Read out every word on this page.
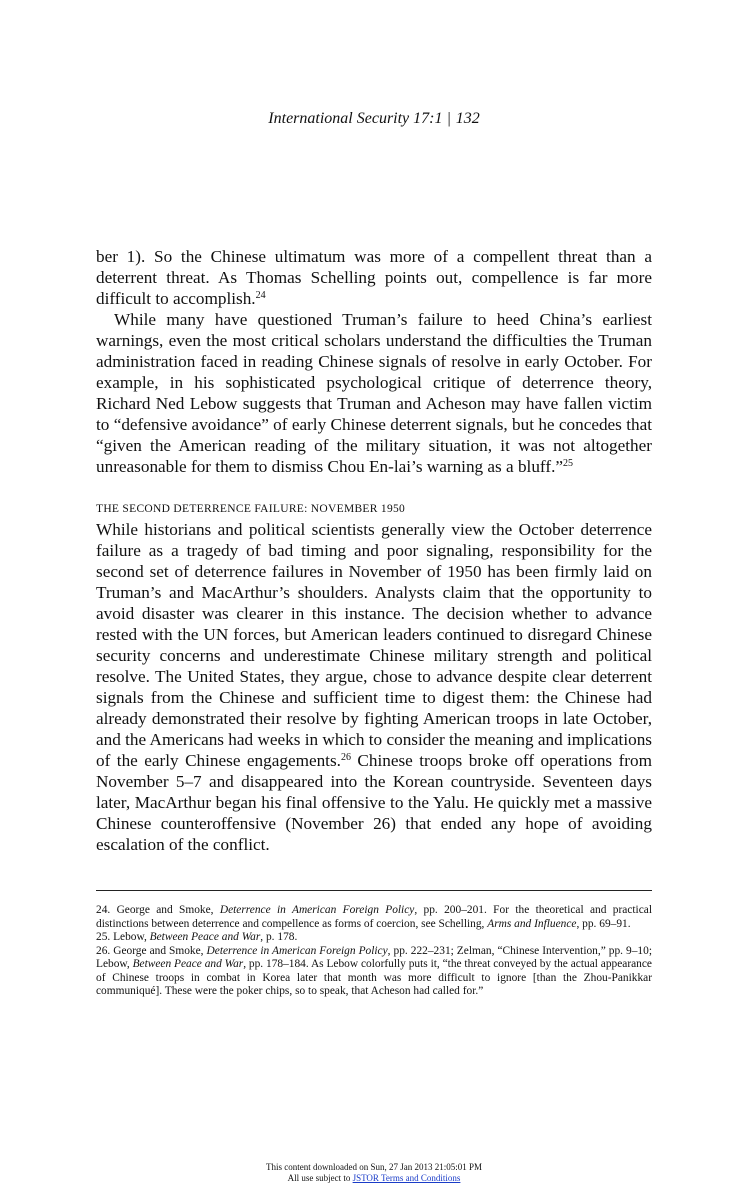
International Security 17:1 | 132

ber 1). So the Chinese ultimatum was more of a compellent threat than a deterrent threat. As Thomas Schelling points out, compellence is far more difficult to accomplish.$^{24}$

While many have questioned Truman’s failure to heed China’s earliest warnings, even the most critical scholars understand the difficulties the Truman administration faced in reading Chinese signals of resolve in early October. For example, in his sophisticated psychological critique of deterrence theory, Richard Ned Lebow suggests that Truman and Acheson may have fallen victim to “defensive avoidance” of early Chinese deterrent signals, but he concedes that “given the American reading of the military situation, it was not altogether unreasonable for them to dismiss Chou En-lai’s warning as a bluff.”$^{25}$

THE SECOND DETERRENCE FAILURE: NOVEMBER 1950

While historians and political scientists generally view the October deterrence failure as a tragedy of bad timing and poor signaling, responsibility for the second set of deterrence failures in November of 1950 has been firmly laid on Truman’s and MacArthur’s shoulders. Analysts claim that the opportunity to avoid disaster was clearer in this instance. The decision whether to advance rested with the UN forces, but American leaders continued to disregard Chinese security concerns and underestimate Chinese military strength and political resolve. The United States, they argue, chose to advance despite clear deterrent signals from the Chinese and sufficient time to digest them: the Chinese had already demonstrated their resolve by fighting American troops in late October, and the Americans had weeks in which to consider the meaning and implications of the early Chinese engagements.$^{26}$ Chinese troops broke off operations from November 5–7 and disappeared into the Korean countryside. Seventeen days later, MacArthur began his final offensive to the Yalu. He quickly met a massive Chinese counteroffensive (November 26) that ended any hope of avoiding escalation of the conflict.

24. George and Smoke, Deterrence in American Foreign Policy, pp. 200–201. For the theoretical and practical distinctions between deterrence and compellence as forms of coercion, see Schelling, Arms and Influence, pp. 69–91.

25. Lebow, Between Peace and War, p. 178.

26. George and Smoke, Deterrence in American Foreign Policy, pp. 222–231; Zelman, “Chinese Intervention,” pp. 9–10; Lebow, Between Peace and War, pp. 178–184. As Lebow colorfully puts it, “the threat conveyed by the actual appearance of Chinese troops in combat in Korea later that month was more difficult to ignore [than the Zhou-Panikkar communiqué]. These were the poker chips, so to speak, that Acheson had called for.”

This content downloaded on Sun, 27 Jan 2013 21:05:01 PM
All use subject to JSTOR Terms and Conditions
